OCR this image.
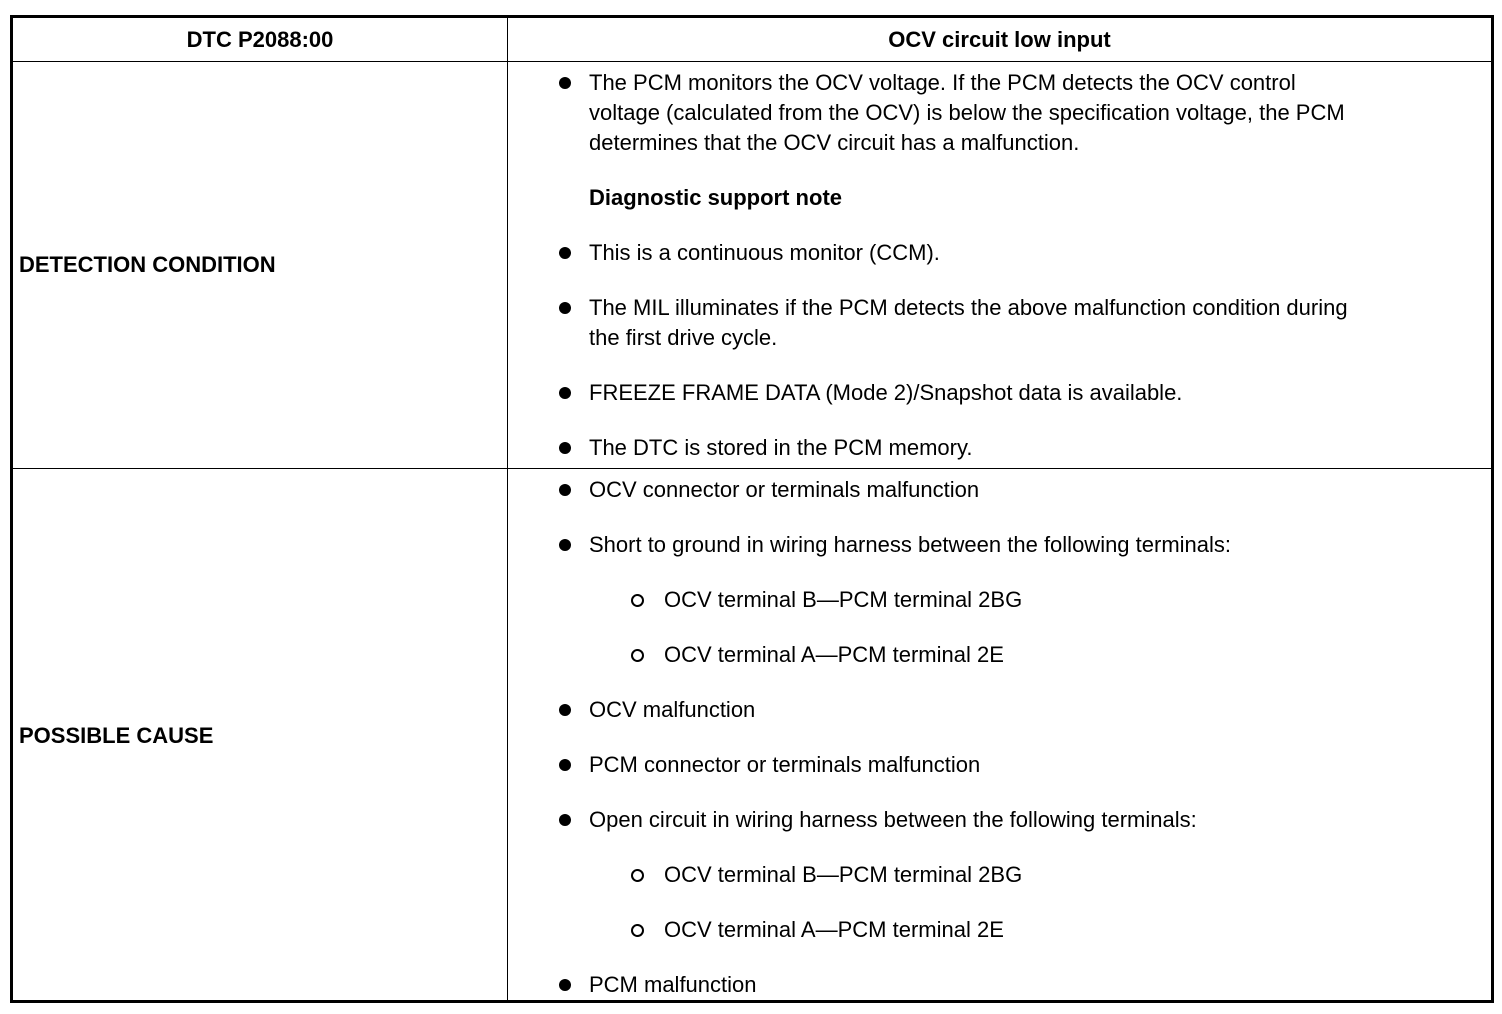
DTC P2088:00	OCV circuit low input
DETECTION CONDITION
The PCM monitors the OCV voltage. If the PCM detects the OCV control
voltage (calculated from the OCV) is below the specification voltage, the PCM
determines that the OCV circuit has a malfunction.
Diagnostic support note
This is a continuous monitor (CCM).
The MIL illuminates if the PCM detects the above malfunction condition during
the first drive cycle.
FREEZE FRAME DATA (Mode 2)/Snapshot data is available.
The DTC is stored in the PCM memory.
POSSIBLE CAUSE
OCV connector or terminals malfunction
Short to ground in wiring harness between the following terminals:
OCV terminal B—PCM terminal 2BG
OCV terminal A—PCM terminal 2E
OCV malfunction
PCM connector or terminals malfunction
Open circuit in wiring harness between the following terminals:
OCV terminal B—PCM terminal 2BG
OCV terminal A—PCM terminal 2E
PCM malfunction
